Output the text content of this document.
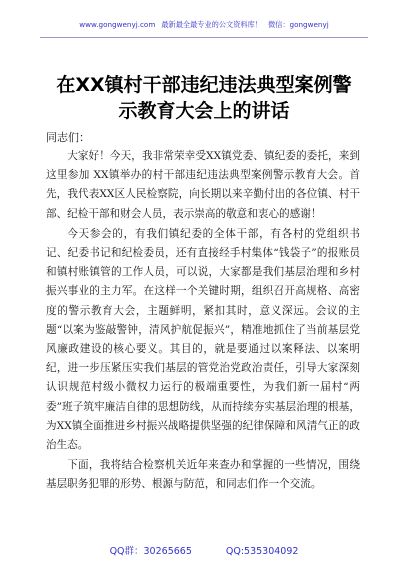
www.gongwenyj.com 最新最全最专业的公文资料库！ 微信：gongwenyj
在XX镇村干部违纪违法典型案例警示教育大会上的讲话

同志们：

大家好！今天，我非常荣幸受XX镇党委、镇纪委的委托，来到这里参加 XX镇举办的村干部违纪违法典型案例警示教育大会。首先，我代表XX区人民检察院，向长期以来辛勤付出的各位镇、村干部、纪检干部和财会人员，表示崇高的敬意和衷心的感谢！

今天参会的，有我们镇纪委的全体干部，有各村的党组织书记、纪委书记和纪检委员，还有直接经手村集体“钱袋子”的报账员和镇村账镇管的工作人员，可以说，大家都是我们基层治理和乡村振兴事业的主力军。在这样一个关键时期，组织召开高规格、高密度的警示教育大会，主题鲜明，紧扣其时，意义深远。会议的主题“以案为鉴敲警钟，清风护航促振兴”，精准地抓住了当前基层党风廉政建设的核心要义。其目的，就是要通过以案释法、以案明纪，进一步压紧压实我们基层的管党治党政治责任，引导大家深刻认识规范村级小微权力运行的极端重要性，为我们新一届村“两委”班子筑牢廉洁自律的思想防线，从而持续夯实基层治理的根基，为XX镇全面推进乡村振兴战略提供坚强的纪律保障和风清气正的政治生态。

下面，我将结合检察机关近年来查办和掌握的一些情况，围绕基层职务犯罪的形势、根源与防范，和同志们作一个交流。

QQ群：30265665	QQ:535304092
